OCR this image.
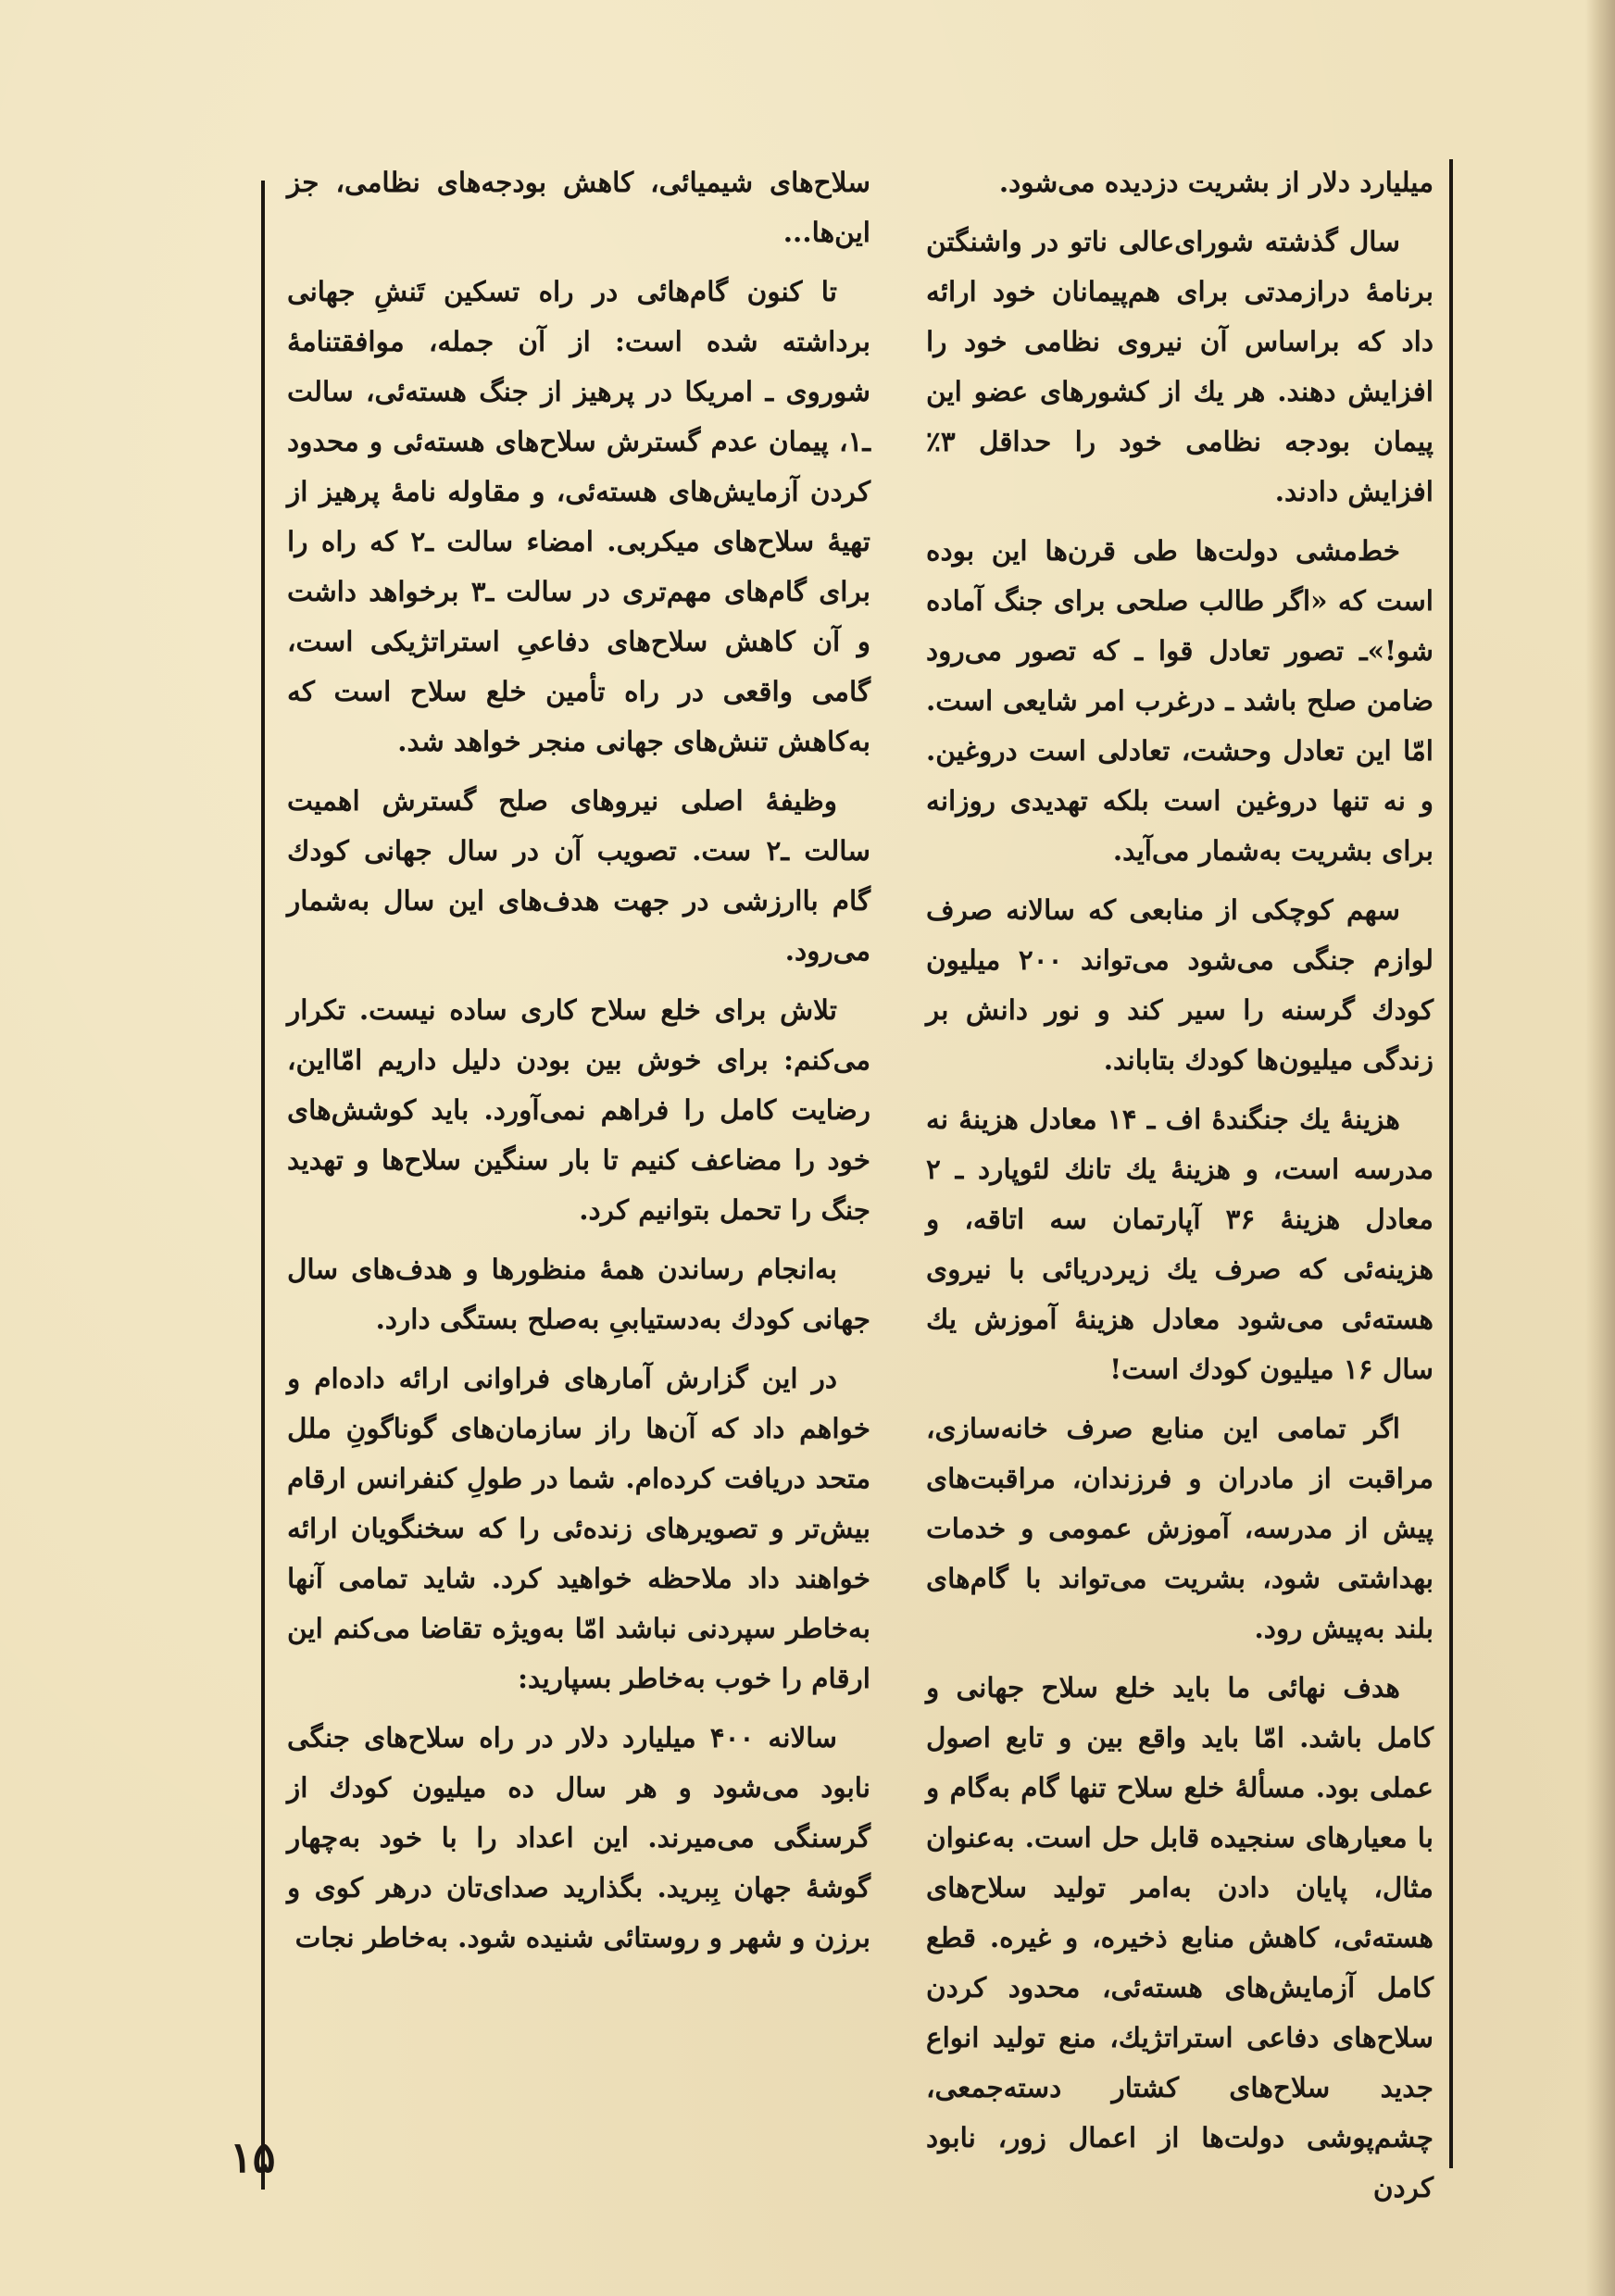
میلیارد دلار از بشریت دزدیده می‌شود.

سال گذشته شورای‌عالی ناتو در واشنگتن برنامهٔ درازمدتی برای هم‌پیمانان خود ارائه داد که براساس آن نیروی نظامی خود را افزایش دهند. هر یك از کشورهای عضو این پیمان بودجه نظامی خود را حداقل ۳٪ افزایش دادند.

خط‌مشی دولت‌ها طی قرن‌ها این بوده است که «اگر طالب صلحی برای جنگ آماده شو!»ـ تصور تعادل قوا ـ که تصور می‌رود ضامن صلح باشد ـ درغرب امر شایعی است. امّا این تعادل وحشت، تعادلی است دروغین. و نه تنها دروغین است بلکه تهدیدی روزانه برای بشریت به‌شمار می‌آید.

سهم کوچکی از منابعی که سالانه صرف لوازم جنگی می‌شود می‌تواند ۲۰۰ میلیون کودك گرسنه را سیر کند و نور دانش بر زندگی میلیون‌ها کودك بتاباند.

هزینهٔ یك جنگندهٔ اف ـ ۱۴ معادل هزینهٔ نه مدرسه است، و هزینهٔ یك تانك لئوپارد ـ ۲ معادل هزینهٔ ۳۶ آپارتمان سه اتاقه، و هزینه‌ئی که صرف یك زیردریائی با نیروی هسته‌ئی می‌شود معادل هزینهٔ آموزش یك سال ۱۶ میلیون کودك است!

اگر تمامی این منابع صرف خانه‌سازی، مراقبت از مادران و فرزندان، مراقبت‌های پیش از مدرسه، آموزش عمومی و خدمات بهداشتی شود، بشریت می‌تواند با گام‌های بلند به‌پیش رود.

هدف نهائی ما باید خلع سلاح جهانی و کامل باشد. امّا باید واقع بین و تابع اصول عملی بود. مسألهٔ خلع سلاح تنها گام به‌گام و با معیارهای سنجیده قابل حل است. به‌عنوان مثال، پایان دادن به‌امر تولید سلاح‌های هسته‌ئی، کاهش منابع ذخیره، و غیره. قطع کامل آزمایش‌های هسته‌ئی، محدود کردن سلاح‌های دفاعی استراتژیك، منع تولید انواع جدید سلاح‌های کشتار دسته‌جمعی، چشم‌پوشی دولت‌ها از اعمال زور، نابود کردن

سلاح‌های شیمیائی، کاهش بودجه‌های نظامی، جز این‌ها...

تا کنون گام‌هائی در راه تسکین تَنشِ جهانی برداشته شده است: از آن جمله، موافقتنامهٔ شوروی ـ امریکا در پرهیز از جنگ هسته‌ئی، سالت ـ۱، پیمان عدم گسترش سلاح‌های هسته‌ئی و محدود کردن آزمایش‌های هسته‌ئی، و مقاوله نامهٔ پرهیز از تهیهٔ سلاح‌های میکربی. امضاء سالت ـ۲ که راه را برای گام‌های مهم‌تری در سالت ـ۳ برخواهد داشت و آن کاهش سلاح‌های دفاعیِ استراتژیکی است، گامی واقعی در راه تأمین خلع سلاح است که به‌کاهش تنش‌های جهانی منجر خواهد شد.

وظیفهٔ اصلی نیروهای صلح گسترش اهمیت سالت ـ۲ ست. تصویب آن در سال جهانی کودك گام باارزشی در جهت هدف‌های این سال به‌شمار می‌رود.

تلاش برای خلع سلاح کاری ساده نیست. تکرار می‌کنم: برای خوش بین بودن دلیل داریم امّااین، رضایت کامل را فراهم نمی‌آورد. باید کوشش‌های خود را مضاعف کنیم تا بار سنگین سلاح‌ها و تهدید جنگ را تحمل بتوانیم کرد.

به‌انجام رساندن همهٔ منظورها و هدف‌های سال جهانی کودك به‌دستیابیِ به‌صلح بستگی دارد.

در این گزارش آمارهای فراوانی ارائه داده‌ام و خواهم داد که آن‌ها راز سازمان‌های گوناگونِ ملل متحد دریافت کرده‌ام. شما در طولِ کنفرانس ارقام بیش‌تر و تصویرهای زنده‌ئی را که سخنگویان ارائه خواهند داد ملاحظه خواهید کرد. شاید تمامی آنها به‌خاطر سپردنی نباشد امّا به‌ویژه تقاضا می‌کنم این ارقام را خوب به‌خاطر بسپارید:

سالانه ۴۰۰ میلیارد دلار در راه سلاح‌های جنگی نابود می‌شود و هر سال ده میلیون کودك از گرسنگی می‌میرند. این اعداد را با خود به‌چهار گوشهٔ جهان بِبرید. بگذارید صدای‌تان درهر کوی و برزن و شهر و روستائی شنیده شود. به‌خاطر نجات

۱۵
